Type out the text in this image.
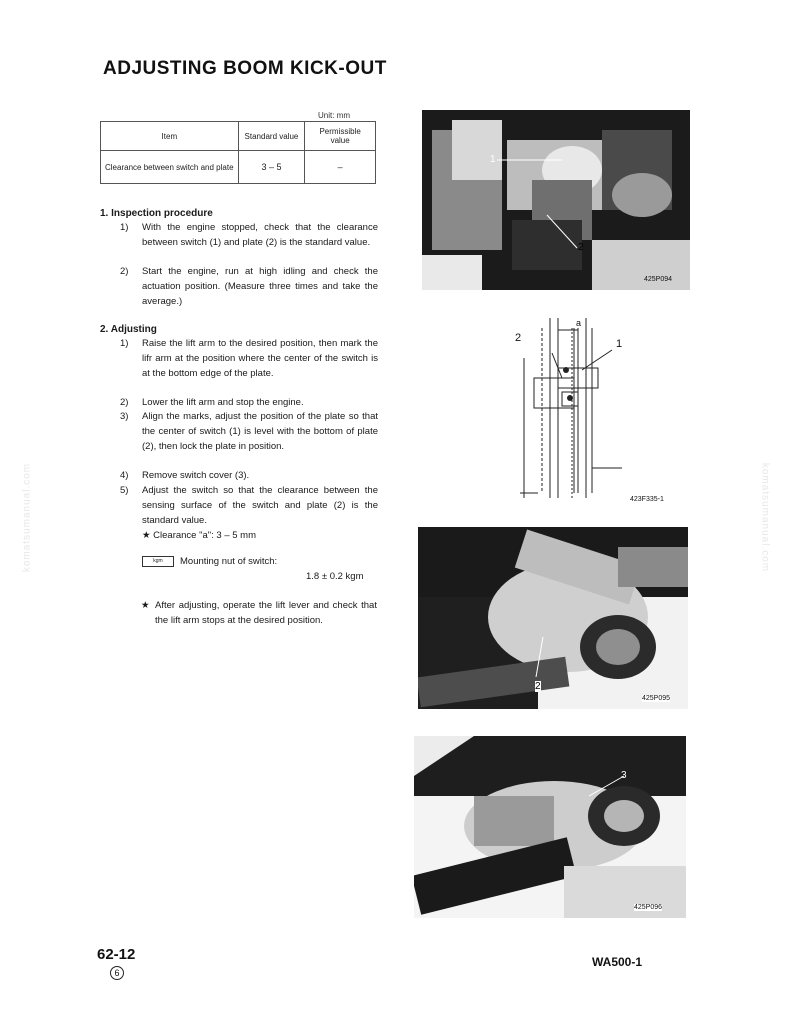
ADJUSTING BOOM KICK-OUT
Unit: mm
Item	Standard value	Permissible value
Clearance between switch and plate	3 – 5	–
1. Inspection procedure
1) With the engine stopped, check that the clearance between switch (1) and plate (2) is the standard value.
2) Start the engine, run at high idling and check the actuation position. (Measure three times and take the average.)
2. Adjusting
1) Raise the lift arm to the desired position, then mark the lifr arm at the position where the center of the switch is at the bottom edge of the plate.
2) Lower the lift arm and stop the engine.
3) Align the marks, adjust the position of the plate so that the center of switch (1) is level with the bottom of plate (2), then lock the plate in position.
4) Remove switch cover (3).
5) Adjust the switch so that the clearance between the sensing surface of the switch and plate (2) is the standard value.
★ Clearance "a": 3 – 5 mm
kgm Mounting nut of switch:
1.8 ± 0.2 kgm
★ After adjusting, operate the lift lever and check that the lift arm stops at the desired position.
1
2
425P094
2	1
a
423F335-1
2
425P095
3
425P096
komatsumanual.com	komatsumanual.com
62-12
6
WA500-1
